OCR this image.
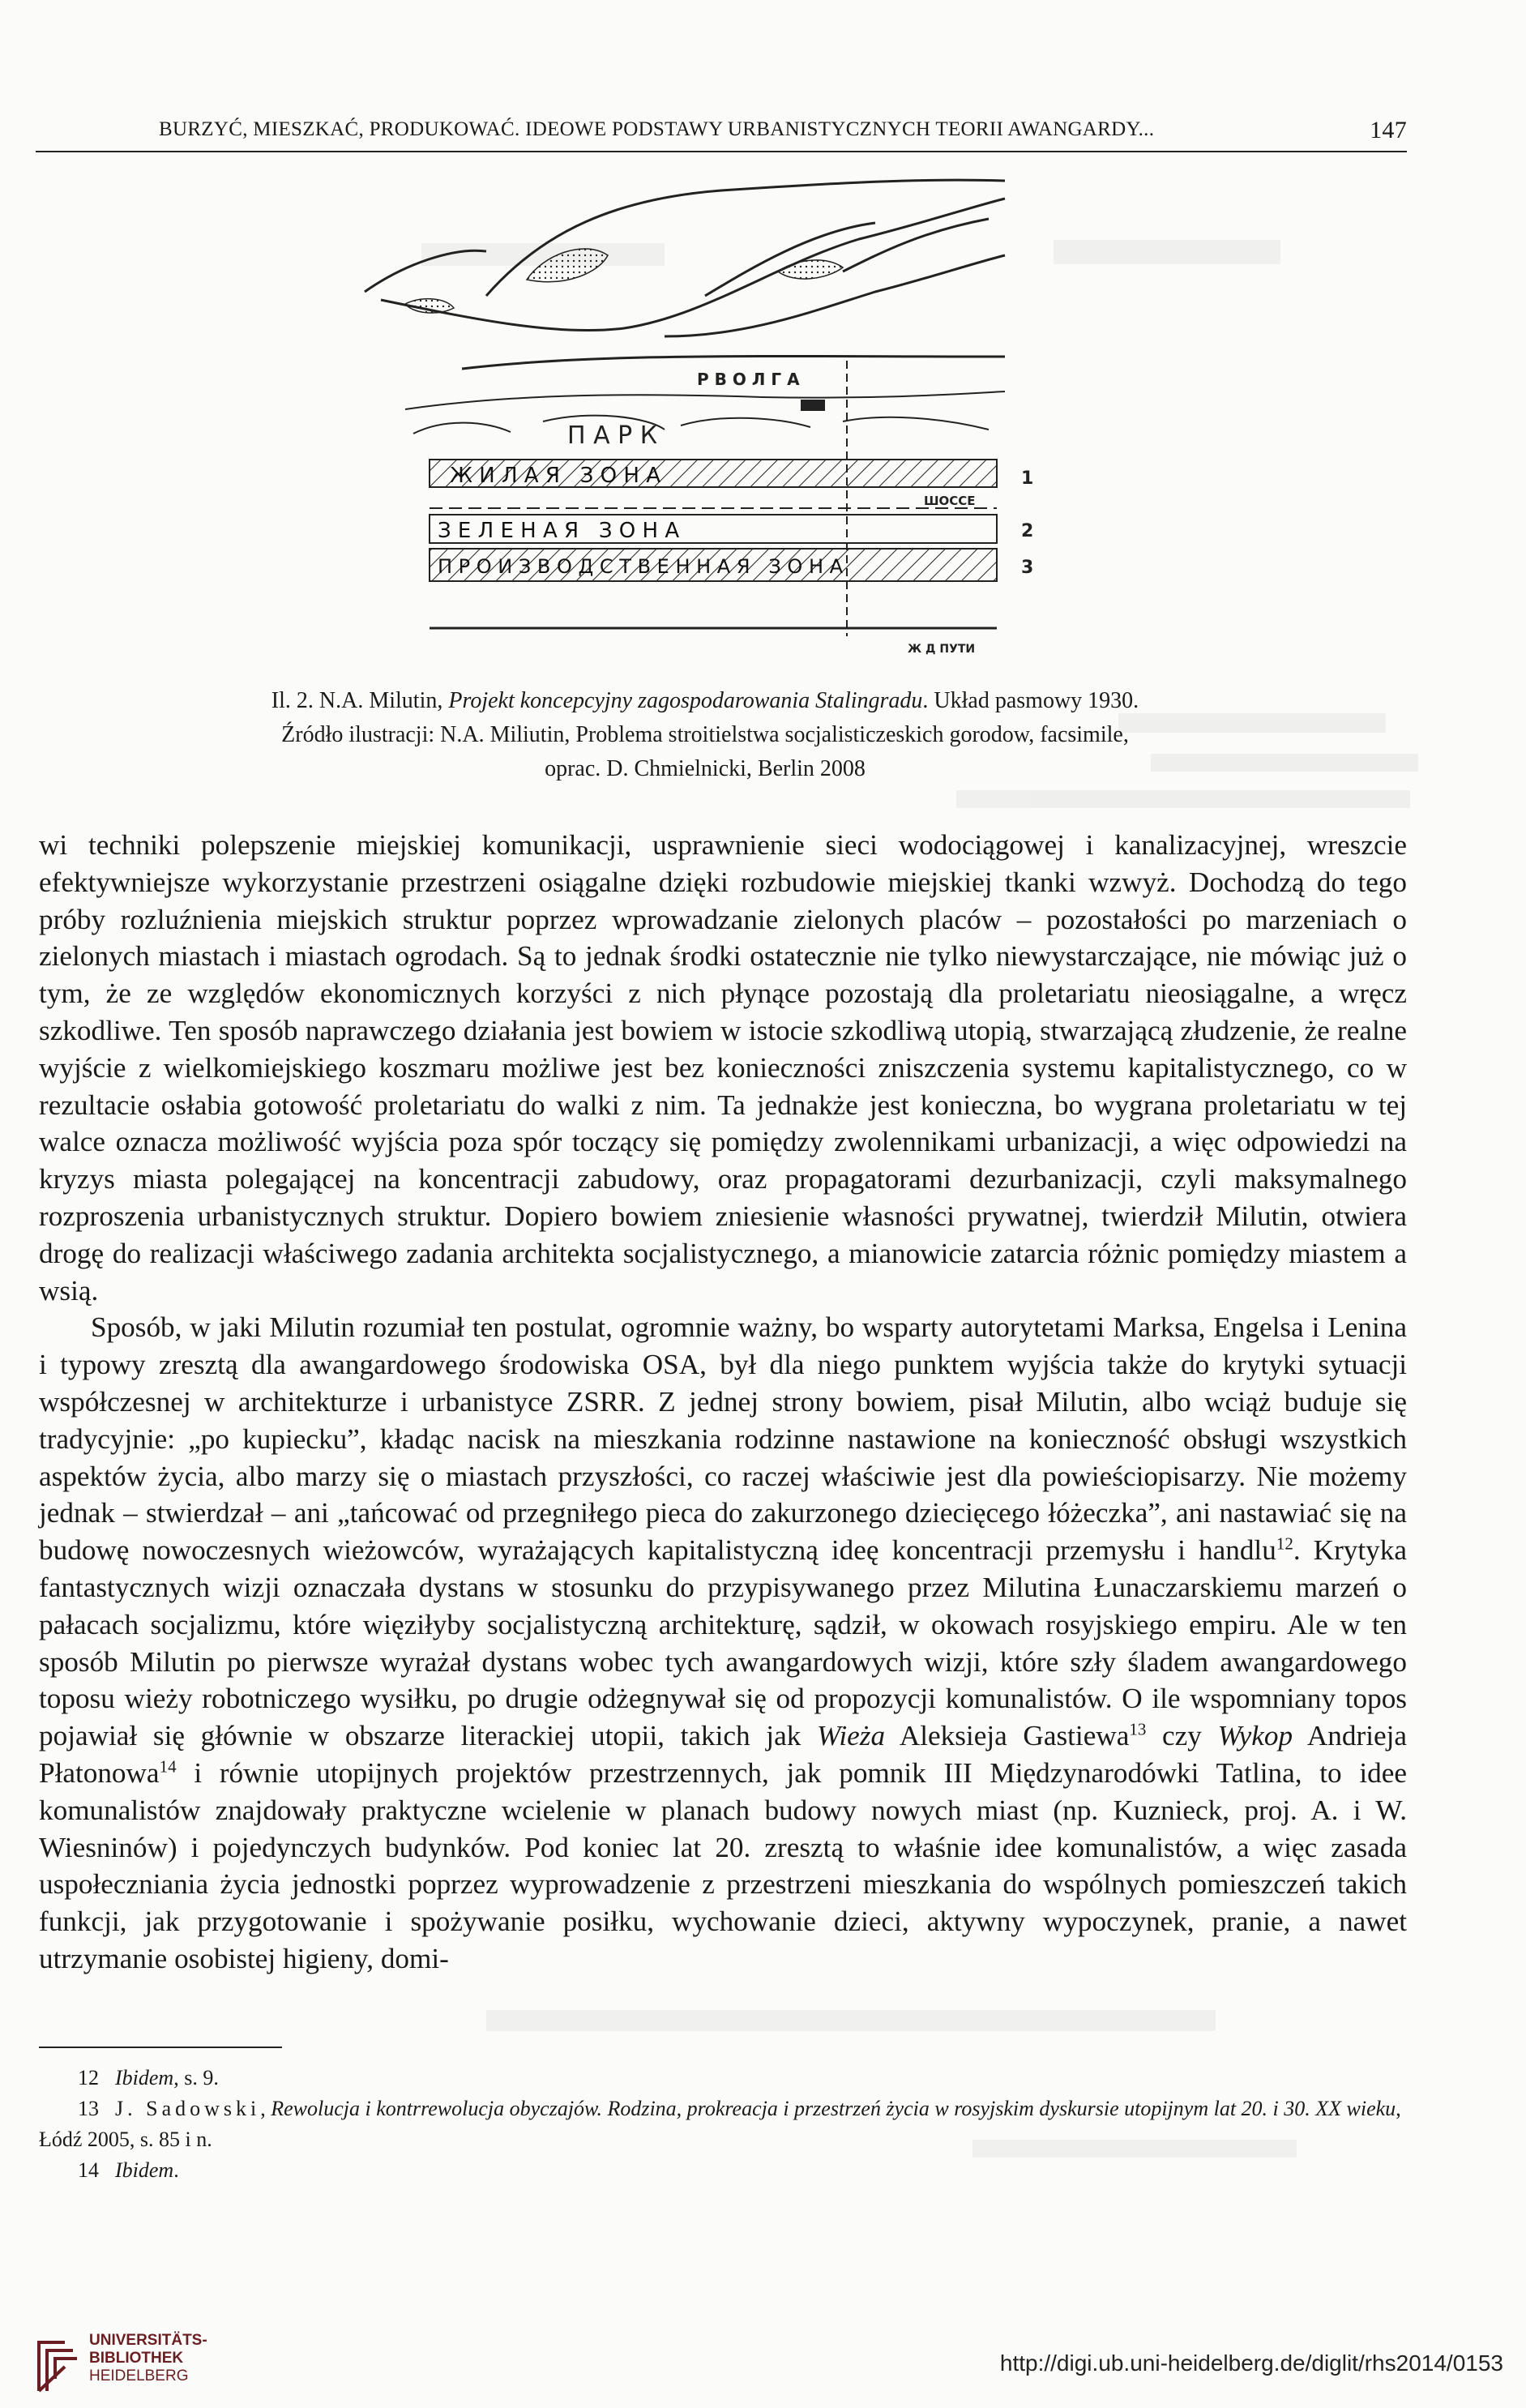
BURZYĆ, MIESZKAĆ, PRODUKOWAĆ. IDEOWE PODSTAWY URBANISTYCZNYCH TEORII AWANGARDY...	147
Р В О Л Г А
П А Р К
Ж И Л А Я   З О Н А	1
ШОССЕ
З Е Л Е Н А Я   З О Н А	2
П Р О И З В О Д С Т В Е Н Н А Я   З О Н А	3
Ж Д ПУТИ
Il. 2. N.A. Milutin, Projekt koncepcyjny zagospodarowania Stalingradu. Układ pasmowy 1930.
Źródło ilustracji: N.A. Miliutin, Problema stroitielstwa socjalisticzeskich gorodow, facsimile,
oprac. D. Chmielnicki, Berlin 2008

wi techniki polepszenie miejskiej komunikacji, usprawnienie sieci wodociągowej i kanalizacyjnej, wreszcie efektywniejsze wykorzystanie przestrzeni osiągalne dzięki rozbudowie miejskiej tkanki wzwyż. Dochodzą do tego próby rozluźnienia miejskich struktur poprzez wprowadzanie zielonych placów – pozostałości po marzeniach o zielonych miastach i miastach ogrodach. Są to jednak środki ostatecznie nie tylko niewystarczające, nie mówiąc już o tym, że ze względów ekonomicznych korzyści z nich płynące pozostają dla proletariatu nieosiągalne, a wręcz szkodliwe. Ten sposób naprawczego działania jest bowiem w istocie szkodliwą utopią, stwarzającą złudzenie, że realne wyjście z wielkomiejskiego koszmaru możliwe jest bez konieczności zniszczenia systemu kapitalistycznego, co w rezultacie osłabia gotowość proletariatu do walki z nim. Ta jednakże jest konieczna, bo wygrana proletariatu w tej walce oznacza możliwość wyjścia poza spór toczący się pomiędzy zwolennikami urbanizacji, a więc odpowiedzi na kryzys miasta polegającej na koncentracji zabudowy, oraz propagatorami dezurbanizacji, czyli maksymalnego rozproszenia urbanistycznych struktur. Dopiero bowiem zniesienie własności prywatnej, twierdził Milutin, otwiera drogę do realizacji właściwego zadania architekta socjalistycznego, a mianowicie zatarcia różnic pomiędzy miastem a wsią.

Sposób, w jaki Milutin rozumiał ten postulat, ogromnie ważny, bo wsparty autorytetami Marksa, Engelsa i Lenina i typowy zresztą dla awangardowego środowiska OSA, był dla niego punktem wyjścia także do krytyki sytuacji współczesnej w architekturze i urbanistyce ZSRR. Z jednej strony bowiem, pisał Milutin, albo wciąż buduje się tradycyjnie: „po kupiecku”, kładąc nacisk na mieszkania rodzinne nastawione na konieczność obsługi wszystkich aspektów życia, albo marzy się o miastach przyszłości, co raczej właściwie jest dla powieściopisarzy. Nie możemy jednak – stwierdzał – ani „tańcować od przegniłego pieca do zakurzonego dziecięcego łóżeczka”, ani nastawiać się na budowę nowoczesnych wieżowców, wyrażających kapitalistyczną ideę koncentracji przemysłu i handlu$^{12}$. Krytyka fantastycznych wizji oznaczała dystans w stosunku do przypisywanego przez Milutina Łunaczarskiemu marzeń o pałacach socjalizmu, które więziłyby socjalistyczną architekturę, sądził, w okowach rosyjskiego empiru. Ale w ten sposób Milutin po pierwsze wyrażał dystans wobec tych awangardowych wizji, które szły śladem awangardowego toposu wieży robotniczego wysiłku, po drugie odżegnywał się od propozycji komunalistów. O ile wspomniany topos pojawiał się głównie w obszarze literackiej utopii, takich jak Wieża Aleksieja Gastiewa$^{13}$ czy Wykop Andrieja Płatonowa$^{14}$ i równie utopijnych projektów przestrzennych, jak pomnik III Międzynarodówki Tatlina, to idee komunalistów znajdowały praktyczne wcielenie w planach budowy nowych miast (np. Kuznieck, proj. A. i W. Wiesninów) i pojedynczych budynków. Pod koniec lat 20. zresztą to właśnie idee komunalistów, a więc zasada uspołeczniania życia jednostki poprzez wyprowadzenie z przestrzeni mieszkania do wspólnych pomieszczeń takich funkcji, jak przygotowanie i spożywanie posiłku, wychowanie dzieci, aktywny wypoczynek, pranie, a nawet utrzymanie osobistej higieny, domi-

12 Ibidem, s. 9.
13 J. Sadowski, Rewolucja i kontrrewolucja obyczajów. Rodzina, prokreacja i przestrzeń życia w rosyjskim dyskursie utopijnym lat 20. i 30. XX wieku, Łódź 2005, s. 85 i n.
14 Ibidem.
UNIVERSITÄTS-
BIBLIOTHEK
HEIDELBERG
http://digi.ub.uni-heidelberg.de/diglit/rhs2014/0153
